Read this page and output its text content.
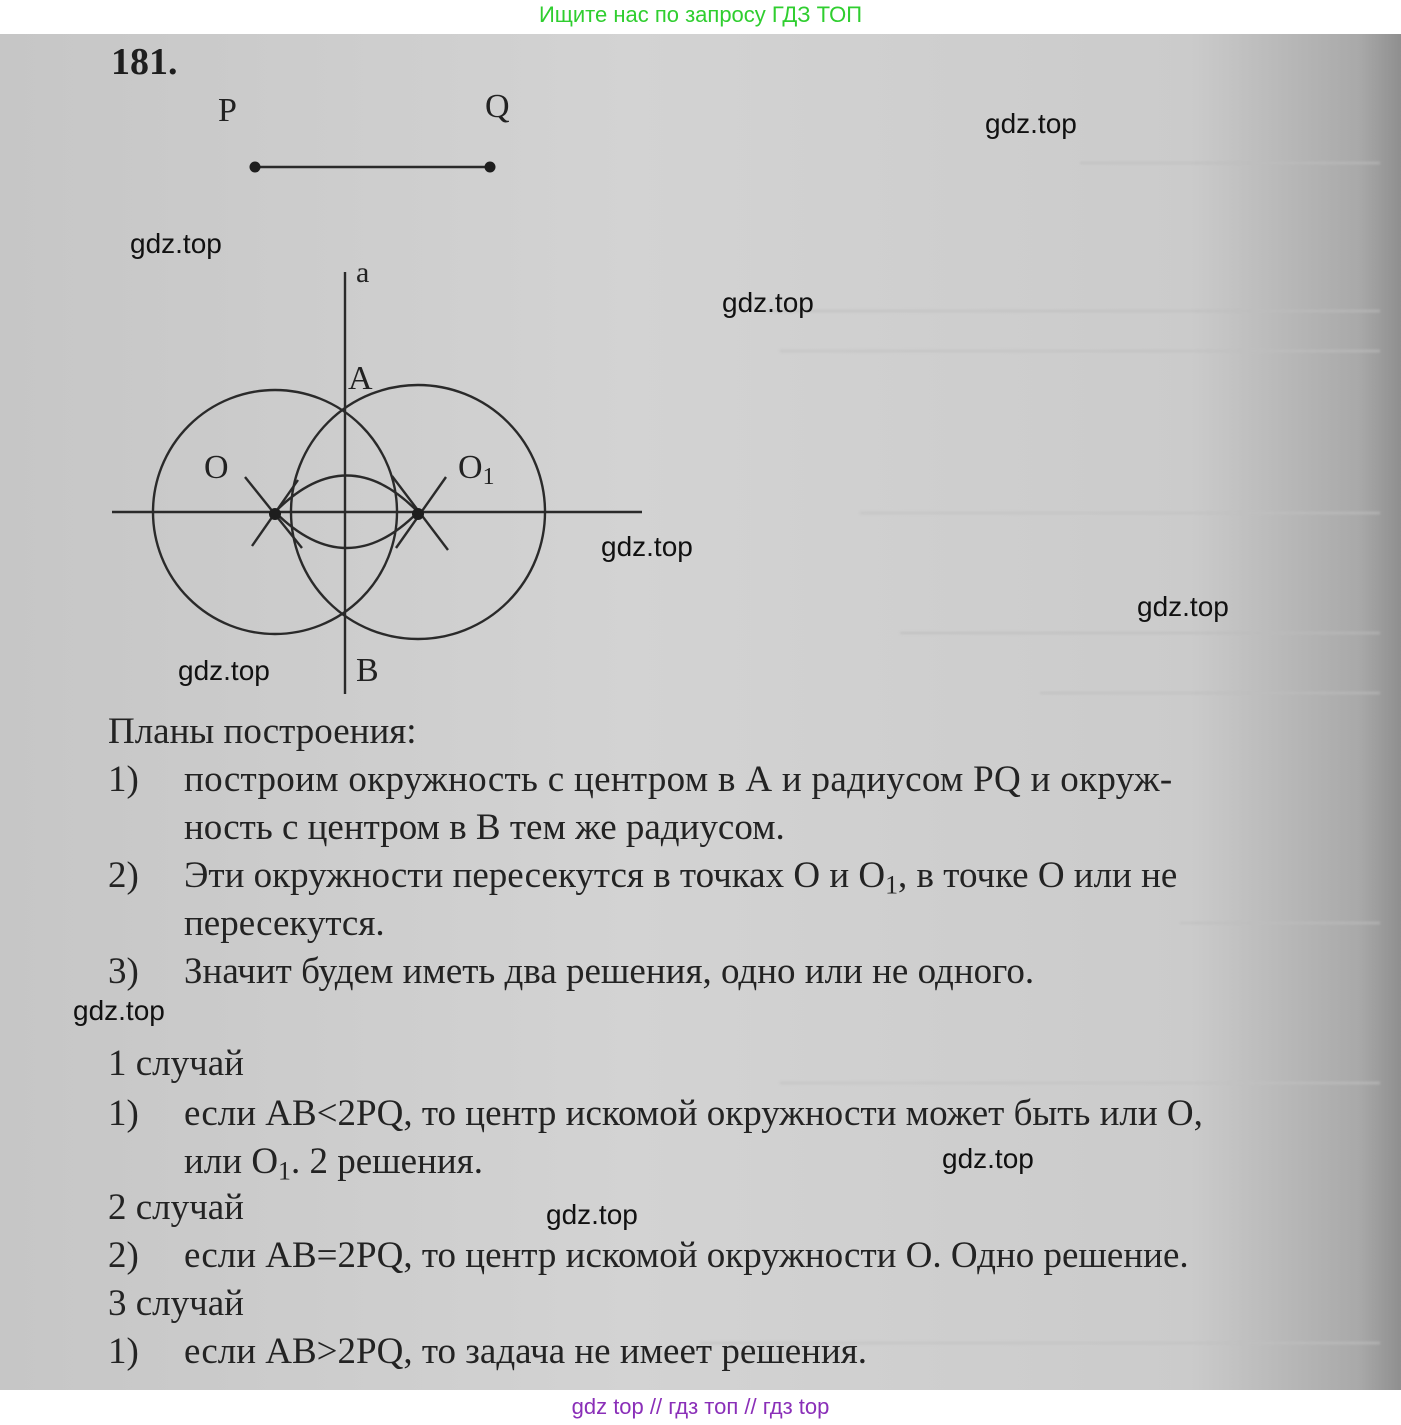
Ищите нас по запросу ГДЗ ТОП
181.
P	Q
a
A
B
O	$O_1$
Планы построения:
1) построим окружность с центром в А и радиусом PQ и окруж-
ность с центром в В тем же радиусом.
2) Эти окружности пересекутся в точках О и $О_1$, в точке О или не
пересекутся.
3) Значит будем иметь два решения, одно или не одного.
1 случай
1) если АВ<2PQ, то центр искомой окружности может быть или О,
или $О_1$. 2 решения.
2 случай
2) если АВ=2PQ, то центр искомой окружности О. Одно решение.
3 случай
1) если АВ>2PQ, то задача не имеет решения.
gdz.top
gdz.top
gdz.top
gdz.top
gdz.top
gdz.top
gdz.top
gdz.top
gdz.top
gdz top // гдз топ // гдз top
